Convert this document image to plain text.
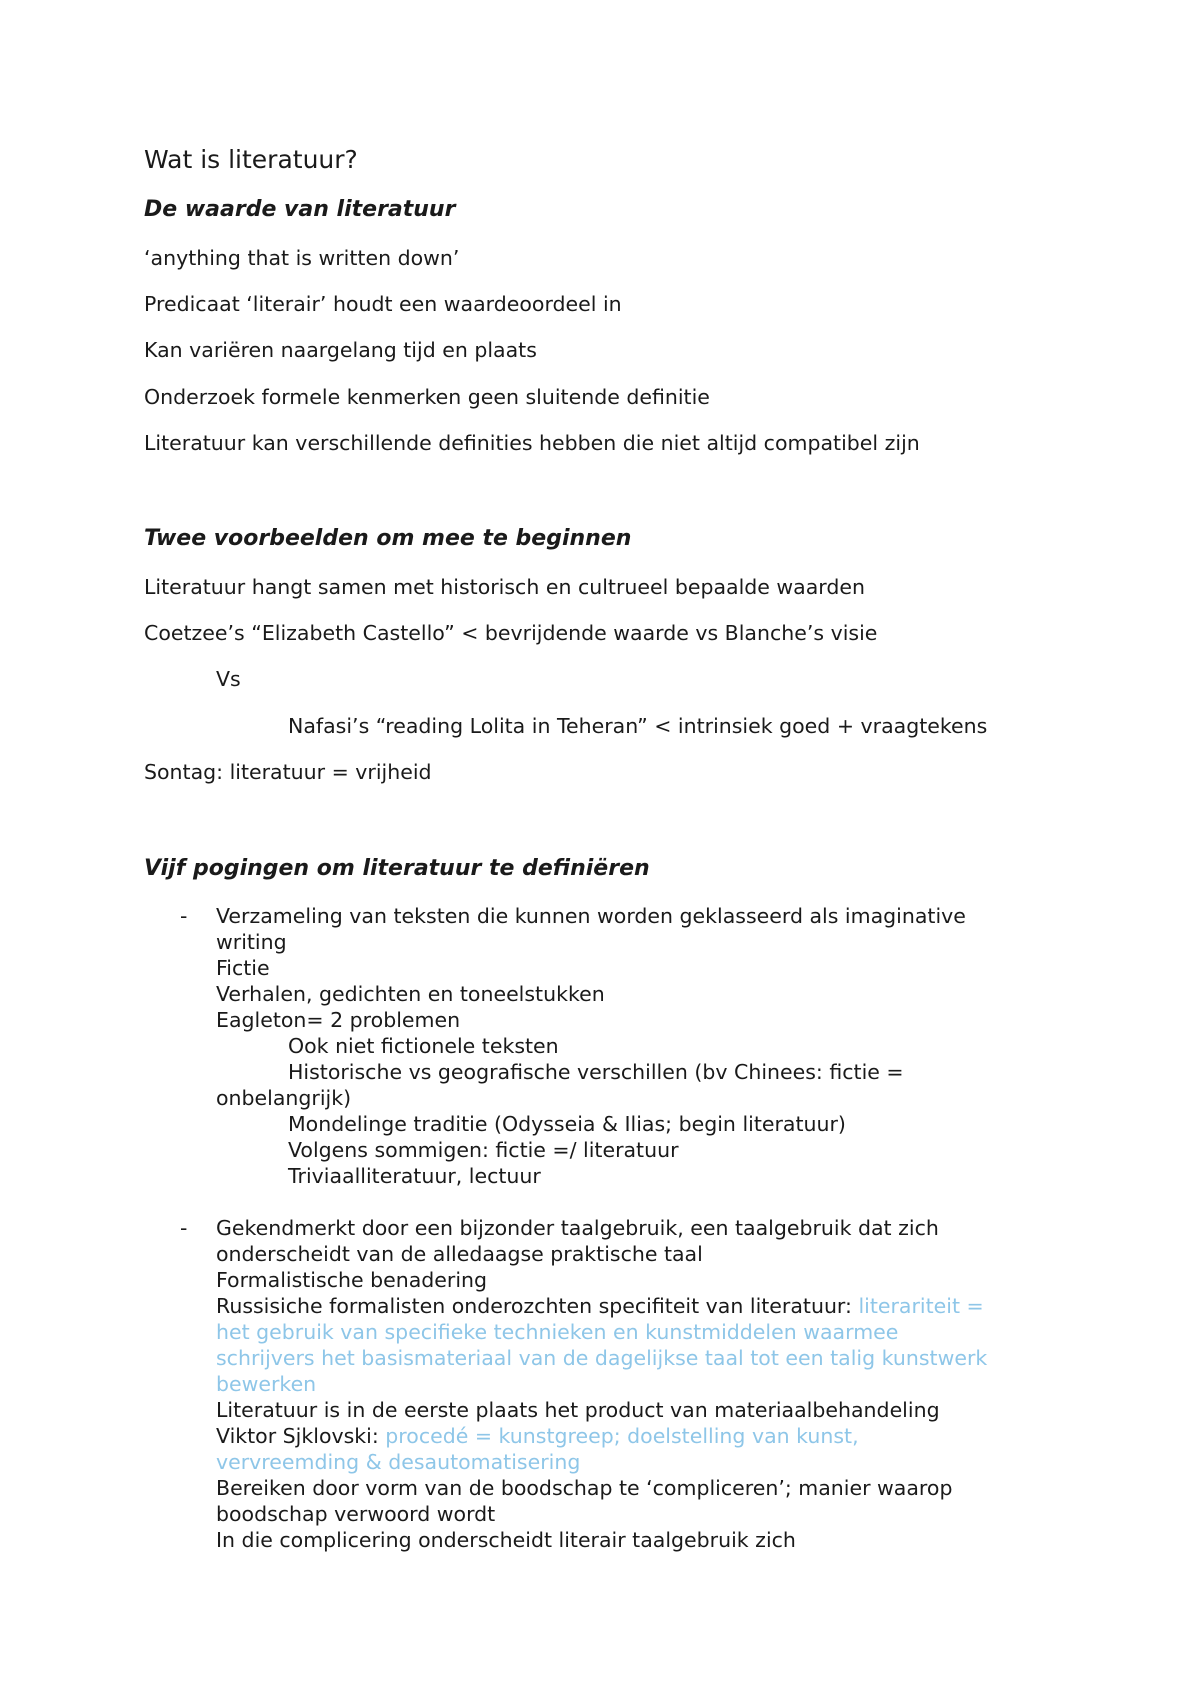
Wat is literatuur?
De waarde van literatuur
‘anything that is written down’
Predicaat ‘literair’ houdt een waardeoordeel in
Kan variëren naargelang tijd en plaats
Onderzoek formele kenmerken geen sluitende definitie
Literatuur kan verschillende definities hebben die niet altijd compatibel zijn
Twee voorbeelden om mee te beginnen
Literatuur hangt samen met historisch en cultrueel bepaalde waarden
Coetzee’s “Elizabeth Castello” < bevrijdende waarde vs Blanche’s visie
Vs
Nafasi’s “reading Lolita in Teheran” < intrinsiek goed + vraagtekens
Sontag: literatuur = vrijheid
Vijf pogingen om literatuur te definiëren
- Verzameling van teksten die kunnen worden geklasseerd als imaginative
writing
Fictie
Verhalen, gedichten en toneelstukken
Eagleton= 2 problemen
Ook niet fictionele teksten
Historische vs geografische verschillen (bv Chinees: fictie =
onbelangrijk)
Mondelinge traditie (Odysseia & Ilias; begin literatuur)
Volgens sommigen: fictie =/ literatuur
Triviaalliteratuur, lectuur
- Gekendmerkt door een bijzonder taalgebruik, een taalgebruik dat zich
onderscheidt van de alledaagse praktische taal
Formalistische benadering
Russisiche formalisten onderozchten specifiteit van literatuur: literariteit =
het gebruik van specifieke technieken en kunstmiddelen waarmee
schrijvers het basismateriaal van de dagelijkse taal tot een talig kunstwerk
bewerken
Literatuur is in de eerste plaats het product van materiaalbehandeling
Viktor Sjklovski: procedé = kunstgreep; doelstelling van kunst,
vervreemding & desautomatisering
Bereiken door vorm van de boodschap te ‘compliceren’; manier waarop
boodschap verwoord wordt
In die complicering onderscheidt literair taalgebruik zich
